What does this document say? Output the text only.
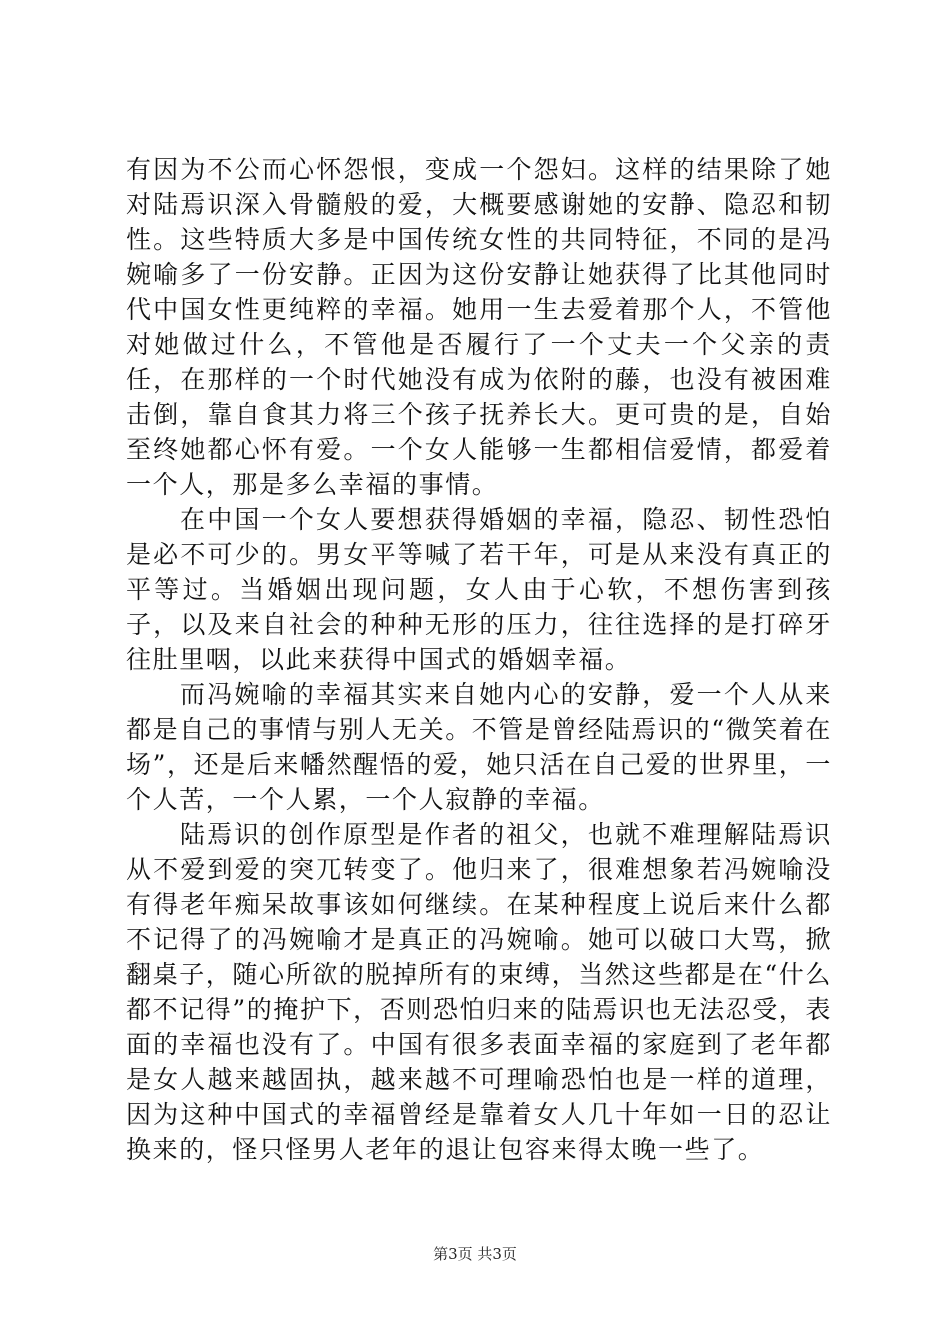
有因为不公而心怀怨恨，变成一个怨妇。这样的结果除了她对陆焉识深入骨髓般的爱，大概要感谢她的安静、隐忍和韧性。这些特质大多是中国传统女性的共同特征，不同的是冯婉喻多了一份安静。正因为这份安静让她获得了比其他同时代中国女性更纯粹的幸福。她用一生去爱着那个人，不管他对她做过什么，不管他是否履行了一个丈夫一个父亲的责任，在那样的一个时代她没有成为依附的藤，也没有被困难击倒，靠自食其力将三个孩子抚养长大。更可贵的是，自始至终她都心怀有爱。一个女人能够一生都相信爱情，都爱着一个人，那是多么幸福的事情。

在中国一个女人要想获得婚姻的幸福，隐忍、韧性恐怕是必不可少的。男女平等喊了若干年，可是从来没有真正的平等过。当婚姻出现问题，女人由于心软，不想伤害到孩子，以及来自社会的种种无形的压力，往往选择的是打碎牙往肚里咽，以此来获得中国式的婚姻幸福。

而冯婉喻的幸福其实来自她内心的安静，爱一个人从来都是自己的事情与别人无关。不管是曾经陆焉识的“微笑着在场”，还是后来幡然醒悟的爱，她只活在自己爱的世界里，一个人苦，一个人累，一个人寂静的幸福。

陆焉识的创作原型是作者的祖父，也就不难理解陆焉识从不爱到爱的突兀转变了。他归来了，很难想象若冯婉喻没有得老年痴呆故事该如何继续。在某种程度上说后来什么都不记得了的冯婉喻才是真正的冯婉喻。她可以破口大骂，掀翻桌子，随心所欲的脱掉所有的束缚，当然这些都是在“什么都不记得”的掩护下，否则恐怕归来的陆焉识也无法忍受，表面的幸福也没有了。中国有很多表面幸福的家庭到了老年都是女人越来越固执，越来越不可理喻恐怕也是一样的道理，因为这种中国式的幸福曾经是靠着女人几十年如一日的忍让换来的，怪只怪男人老年的退让包容来得太晚一些了。

第3页 共3页
